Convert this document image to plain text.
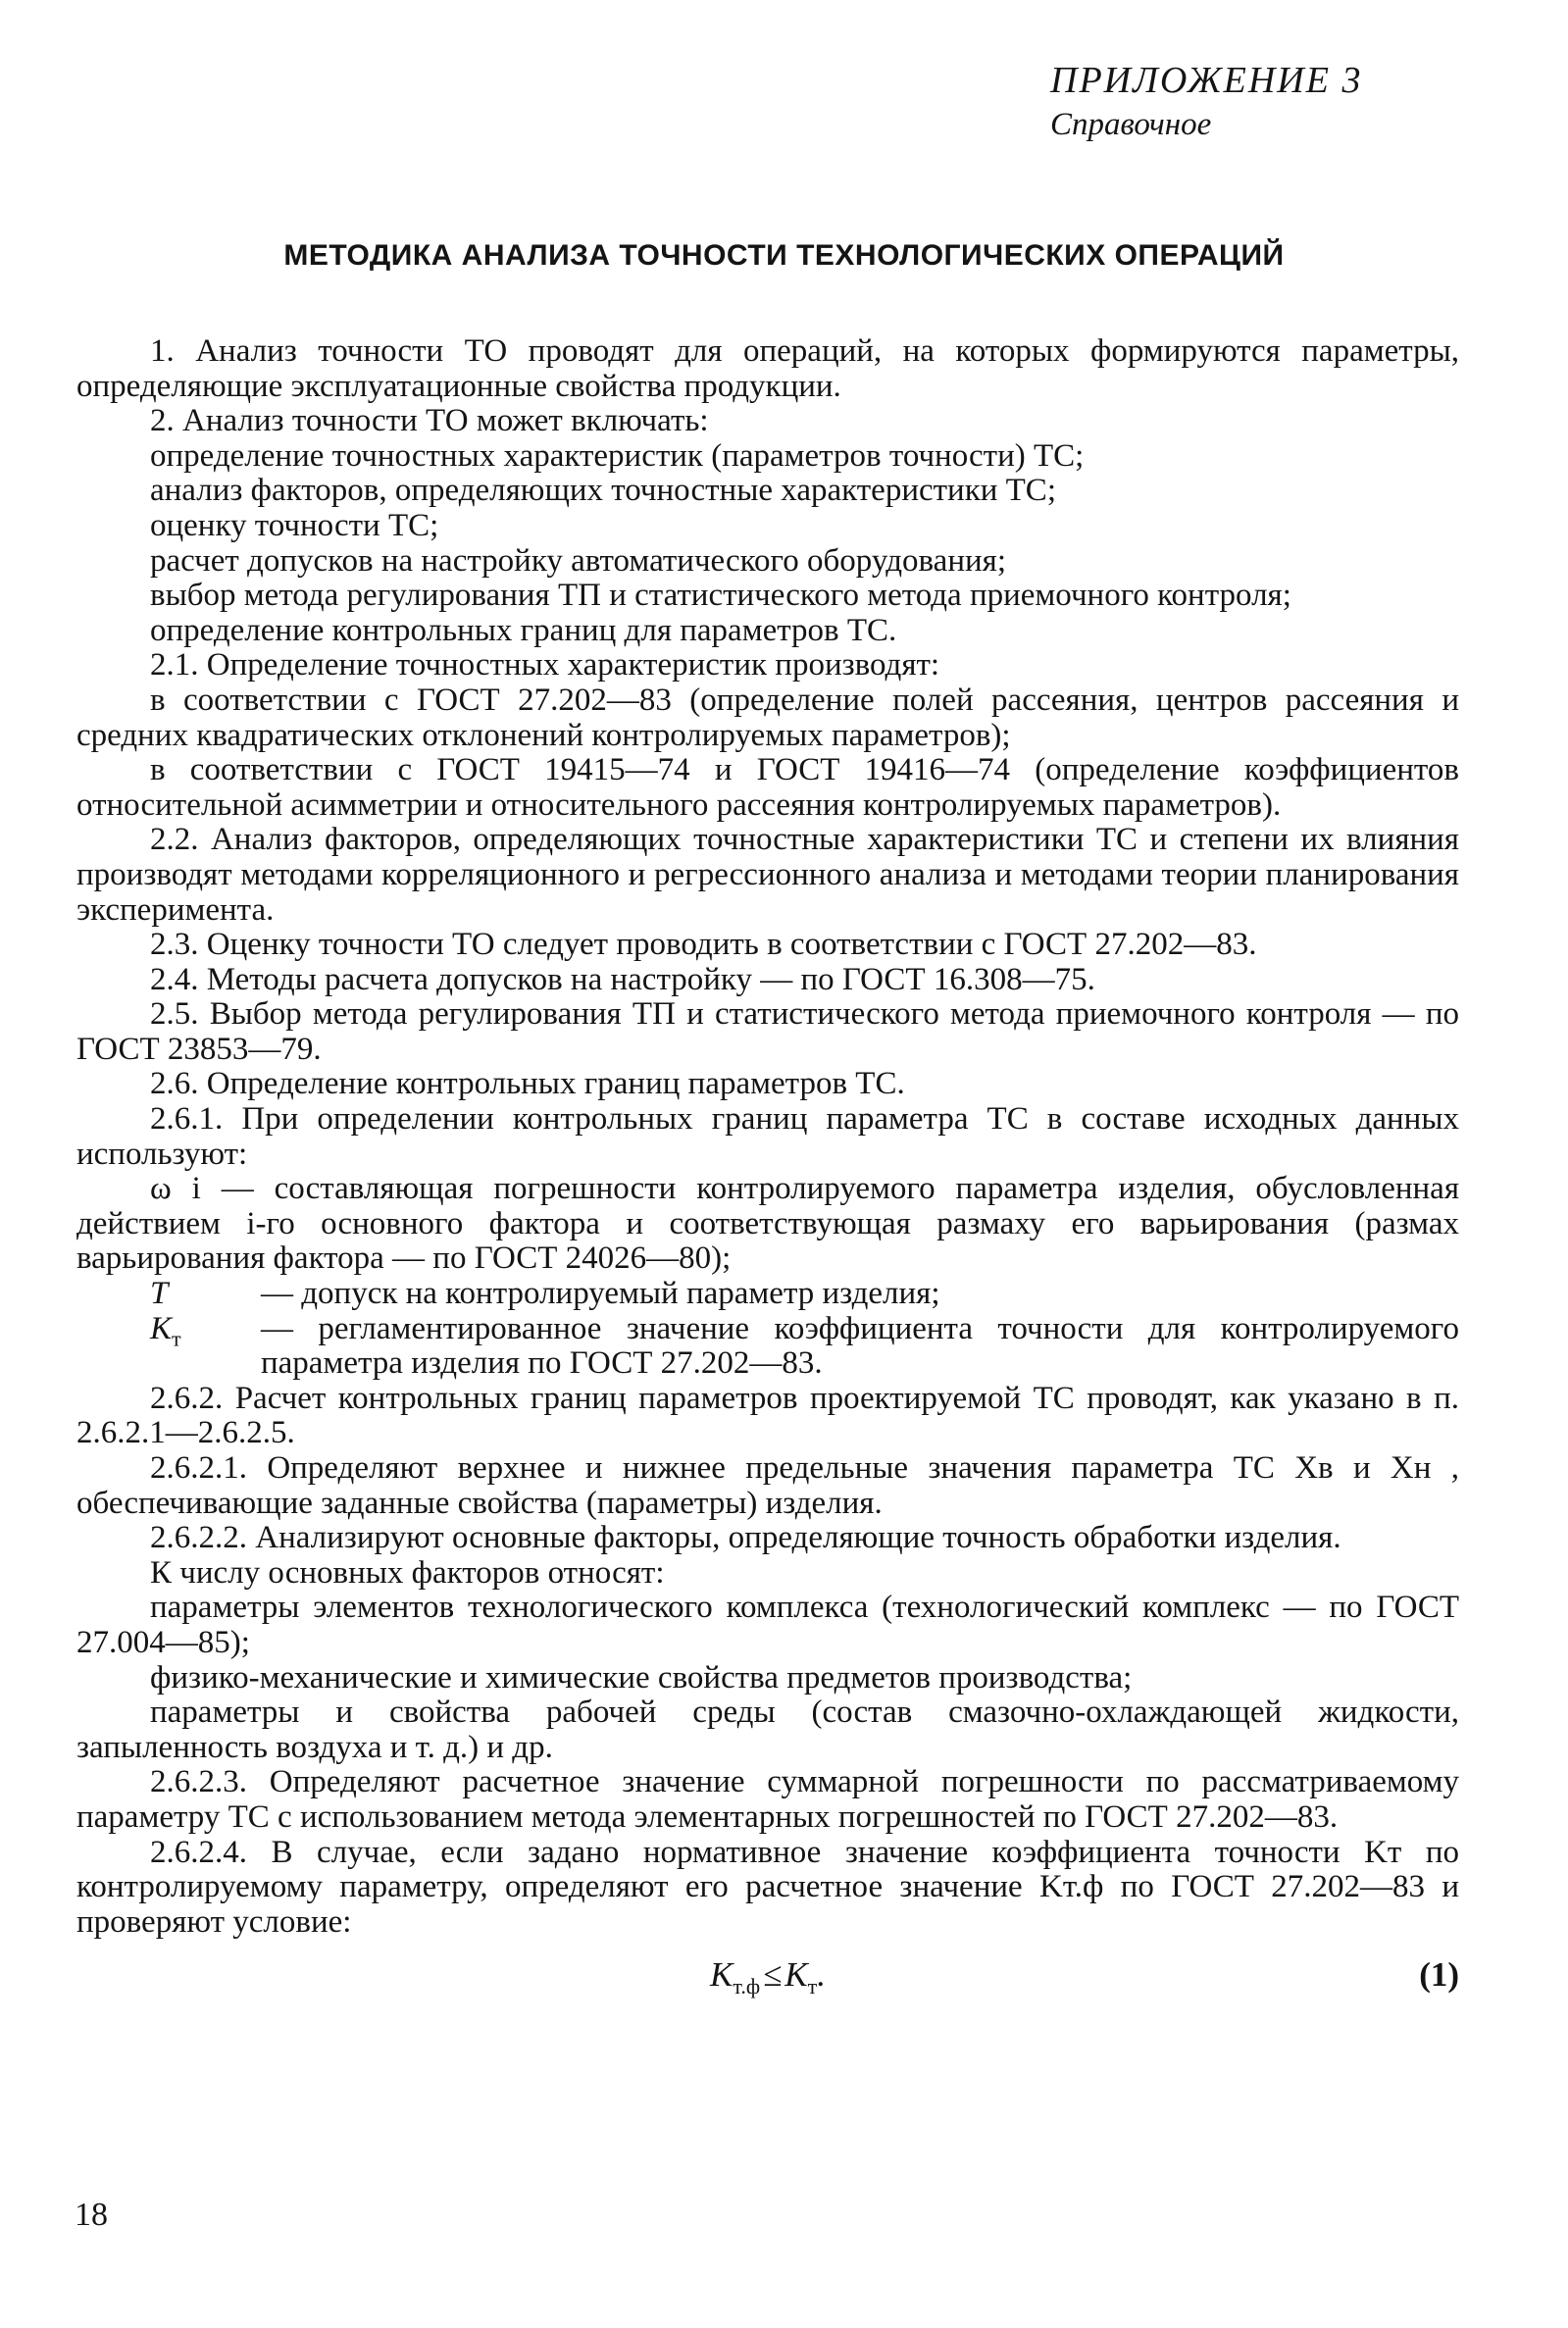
ПРИЛОЖЕНИЕ 3
Справочное
МЕТОДИКА АНАЛИЗА ТОЧНОСТИ ТЕХНОЛОГИЧЕСКИХ ОПЕРАЦИЙ

1. Анализ точности ТО проводят для операций, на которых формируются параметры, определяющие эксплуатационные свойства продукции.

2. Анализ точности ТО может включать:

определение точностных характеристик (параметров точности) ТС;

анализ факторов, определяющих точностные характеристики ТС;

оценку точности ТС;

расчет допусков на настройку автоматического оборудования;

выбор метода регулирования ТП и статистического метода приемочного контроля;

определение контрольных границ для параметров ТС.

2.1. Определение точностных характеристик производят:

в соответствии с ГОСТ 27.202—83 (определение полей рассеяния, центров рассеяния и средних квадратических отклонений контролируемых параметров);

в соответствии с ГОСТ 19415—74 и ГОСТ 19416—74 (определение коэффициентов относительной асимметрии и относительного рассеяния контролируемых параметров).

2.2. Анализ факторов, определяющих точностные характеристики ТС и степени их влияния производят методами корреляционного и регрессионного анализа и методами теории планирования эксперимента.

2.3. Оценку точности ТО следует проводить в соответствии с ГОСТ 27.202—83.

2.4. Методы расчета допусков на настройку — по ГОСТ 16.308—75.

2.5. Выбор метода регулирования ТП и статистического метода приемочного контроля — по ГОСТ 23853—79.

2.6. Определение контрольных границ параметров ТС.

2.6.1. При определении контрольных границ параметра ТС в составе исходных данных используют:

ω i — составляющая погрешности контролируемого параметра изделия, обусловленная действием i-го основного фактора и соответствующая размаху его варьирования (размах варьирования фактора — по ГОСТ 24026—80);

T	— допуск на контролируемый параметр изделия;

$K_т$ — регламентированное значение коэффициента точности для контролируемого параметра изделия по ГОСТ 27.202—83.

2.6.2. Расчет контрольных границ параметров проектируемой ТС проводят, как указано в п. 2.6.2.1—2.6.2.5.

2.6.2.1. Определяют верхнее и нижнее предельные значения параметра ТС Xв и Xн , обеспечивающие заданные свойства (параметры) изделия.

2.6.2.2. Анализируют основные факторы, определяющие точность обработки изделия.

К числу основных факторов относят:

параметры элементов технологического комплекса (технологический комплекс — по ГОСТ 27.004—85);

физико-механические и химические свойства предметов производства;

параметры и свойства рабочей среды (состав смазочно-охлаждающей жидкости, запыленность воздуха и т. д.) и др.

2.6.2.3. Определяют расчетное значение суммарной погрешности по рассматриваемому параметру ТС с использованием метода элементарных погрешностей по ГОСТ 27.202—83.

2.6.2.4. В случае, если задано нормативное значение коэффициента точности Kт по контролируемому параметру, определяют его расчетное значение Kт.ф по ГОСТ 27.202—83 и проверяют условие:

$K_{т.ф}$ ≤ $K_т$.	(1)
18
